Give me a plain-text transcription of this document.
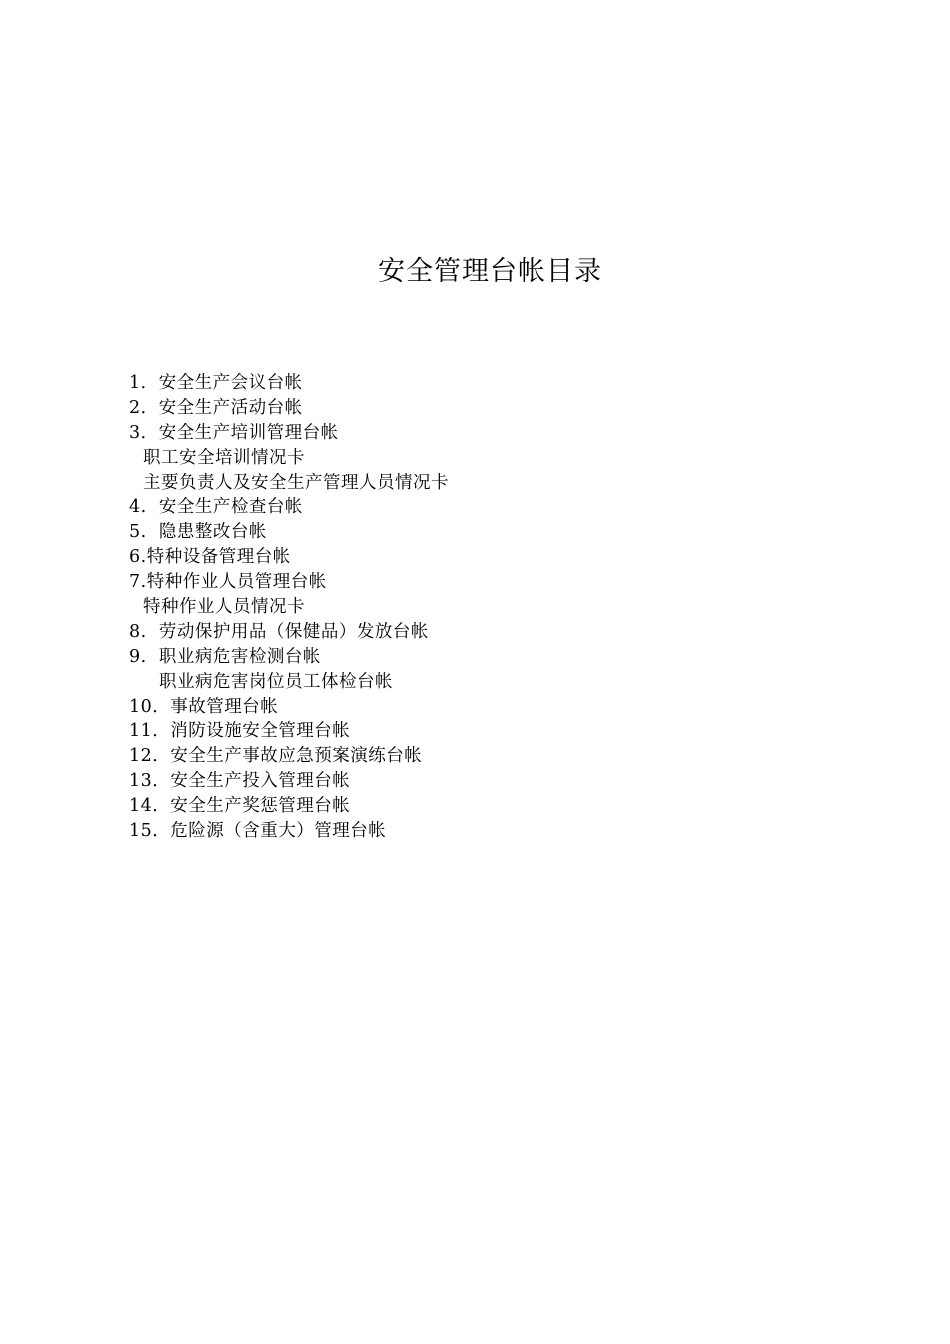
安全管理台帐目录
1．安全生产会议台帐
2．安全生产活动台帐
3．安全生产培训管理台帐
职工安全培训情况卡
主要负责人及安全生产管理人员情况卡
4.  安全生产检查台帐
5.  隐患整改台帐
6.特种设备管理台帐
7.特种作业人员管理台帐
特种作业人员情况卡
8.  劳动保护用品（保健品）发放台帐
9.  职业病危害检测台帐
职业病危害岗位员工体检台帐
10．事故管理台帐
11．消防设施安全管理台帐
12．安全生产事故应急预案演练台帐
13．安全生产投入管理台帐
14．安全生产奖惩管理台帐
15．危险源（含重大）管理台帐
